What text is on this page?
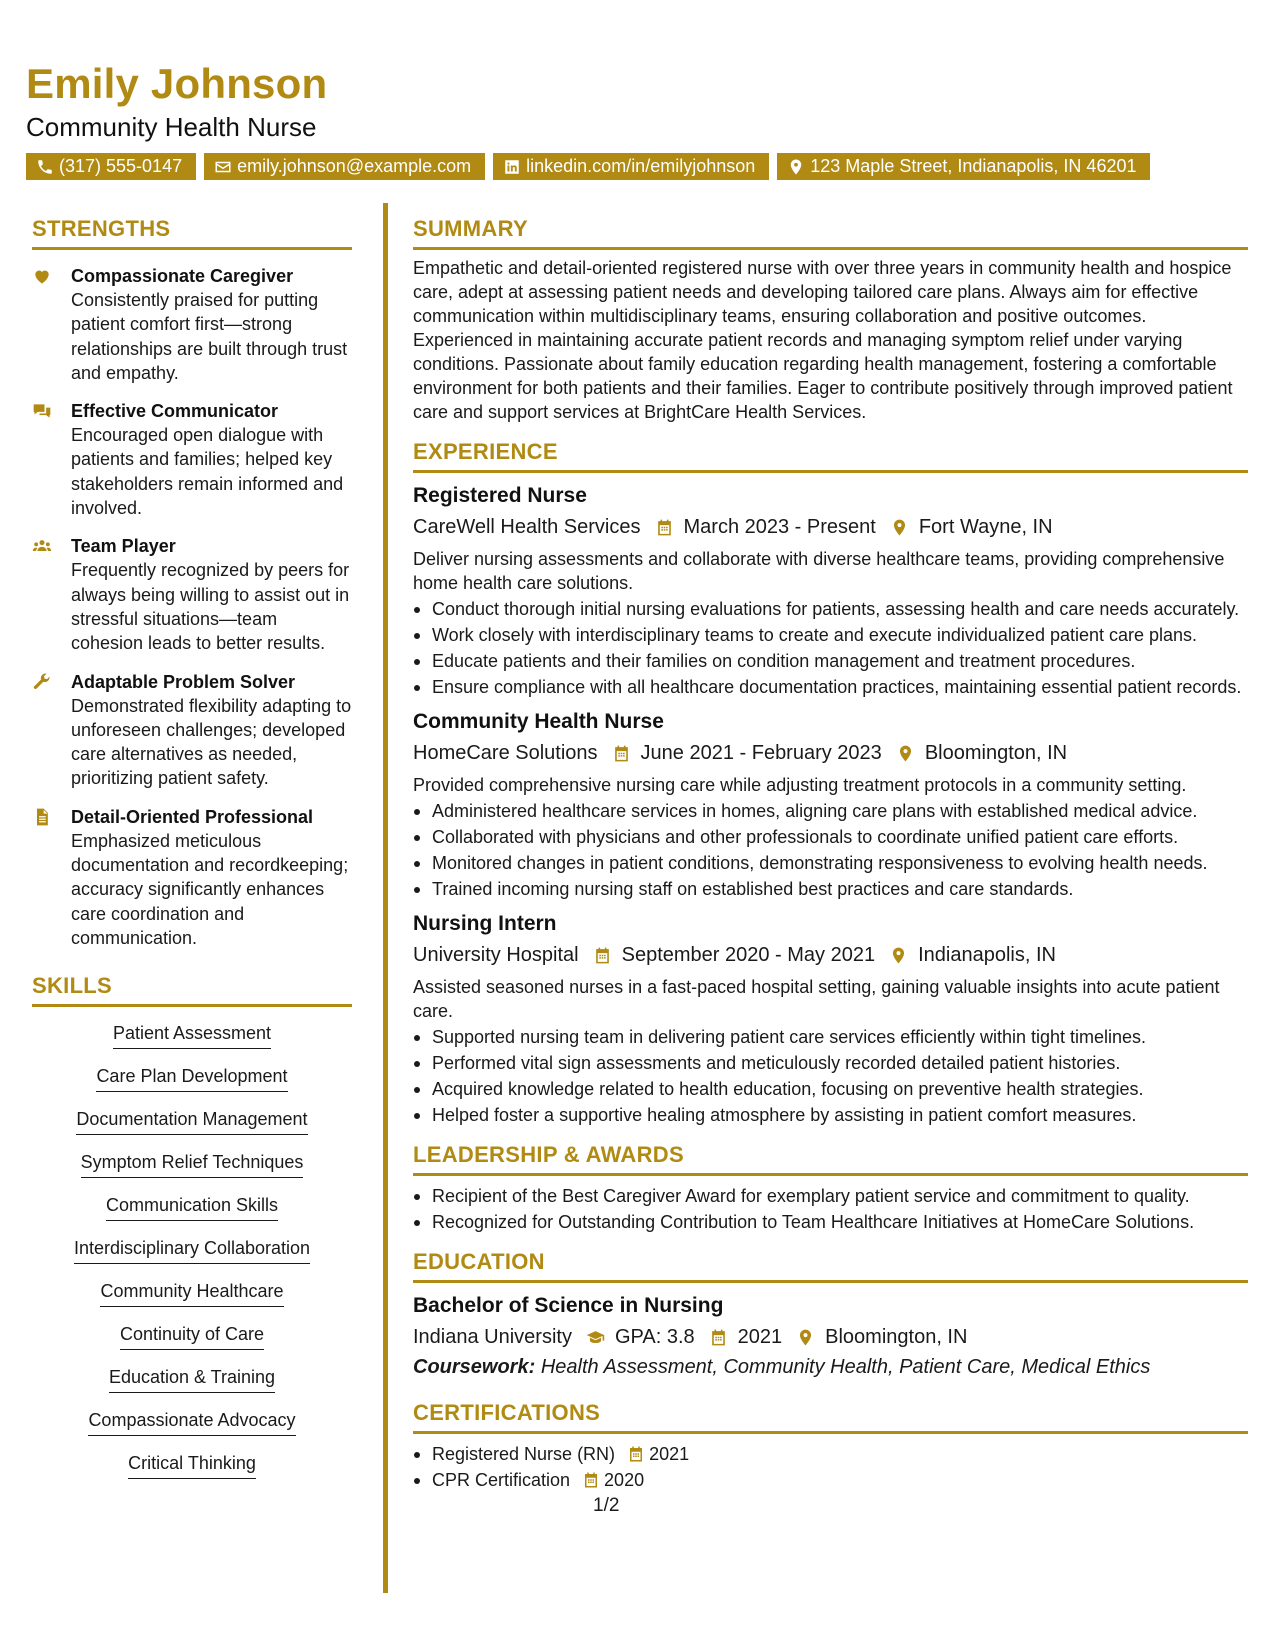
Emily Johnson
Community Health Nurse
(317) 555-0147	emily.johnson@example.com	linkedin.com/in/emilyjohnson	123 Maple Street, Indianapolis, IN 46201
STRENGTHS
Compassionate Caregiver
Consistently praised for putting patient comfort first—strong relationships are built through trust and empathy.
Effective Communicator
Encouraged open dialogue with patients and families; helped key stakeholders remain informed and involved.
Team Player
Frequently recognized by peers for always being willing to assist out in stressful situations—team cohesion leads to better results.
Adaptable Problem Solver
Demonstrated flexibility adapting to unforeseen challenges; developed care alternatives as needed, prioritizing patient safety.
Detail-Oriented Professional
Emphasized meticulous documentation and recordkeeping; accuracy significantly enhances care coordination and communication.
SKILLS
Patient Assessment
Care Plan Development
Documentation Management
Symptom Relief Techniques
Communication Skills
Interdisciplinary Collaboration
Community Healthcare
Continuity of Care
Education & Training
Compassionate Advocacy
Critical Thinking
SUMMARY
Empathetic and detail-oriented registered nurse with over three years in community health and hospice care, adept at assessing patient needs and developing tailored care plans. Always aim for effective communication within multidisciplinary teams, ensuring collaboration and positive outcomes. Experienced in maintaining accurate patient records and managing symptom relief under varying conditions. Passionate about family education regarding health management, fostering a comfortable environment for both patients and their families. Eager to contribute positively through improved patient care and support services at BrightCare Health Services.
EXPERIENCE
Registered Nurse
CareWell Health Services March 2023 - Present Fort Wayne, IN
Deliver nursing assessments and collaborate with diverse healthcare teams, providing comprehensive home health care solutions.
Conduct thorough initial nursing evaluations for patients, assessing health and care needs accurately.
Work closely with interdisciplinary teams to create and execute individualized patient care plans.
Educate patients and their families on condition management and treatment procedures.
Ensure compliance with all healthcare documentation practices, maintaining essential patient records.
Community Health Nurse
HomeCare Solutions June 2021 - February 2023 Bloomington, IN
Provided comprehensive nursing care while adjusting treatment protocols in a community setting.
Administered healthcare services in homes, aligning care plans with established medical advice.
Collaborated with physicians and other professionals to coordinate unified patient care efforts.
Monitored changes in patient conditions, demonstrating responsiveness to evolving health needs.
Trained incoming nursing staff on established best practices and care standards.
Nursing Intern
University Hospital September 2020 - May 2021 Indianapolis, IN
Assisted seasoned nurses in a fast-paced hospital setting, gaining valuable insights into acute patient care.
Supported nursing team in delivering patient care services efficiently within tight timelines.
Performed vital sign assessments and meticulously recorded detailed patient histories.
Acquired knowledge related to health education, focusing on preventive health strategies.
Helped foster a supportive healing atmosphere by assisting in patient comfort measures.
LEADERSHIP & AWARDS
Recipient of the Best Caregiver Award for exemplary patient service and commitment to quality.
Recognized for Outstanding Contribution to Team Healthcare Initiatives at HomeCare Solutions.
EDUCATION
Bachelor of Science in Nursing
Indiana University GPA: 3.8 2021 Bloomington, IN
Coursework: Health Assessment, Community Health, Patient Care, Medical Ethics
CERTIFICATIONS
Registered Nurse (RN) 2021
CPR Certification 2020
1/2
